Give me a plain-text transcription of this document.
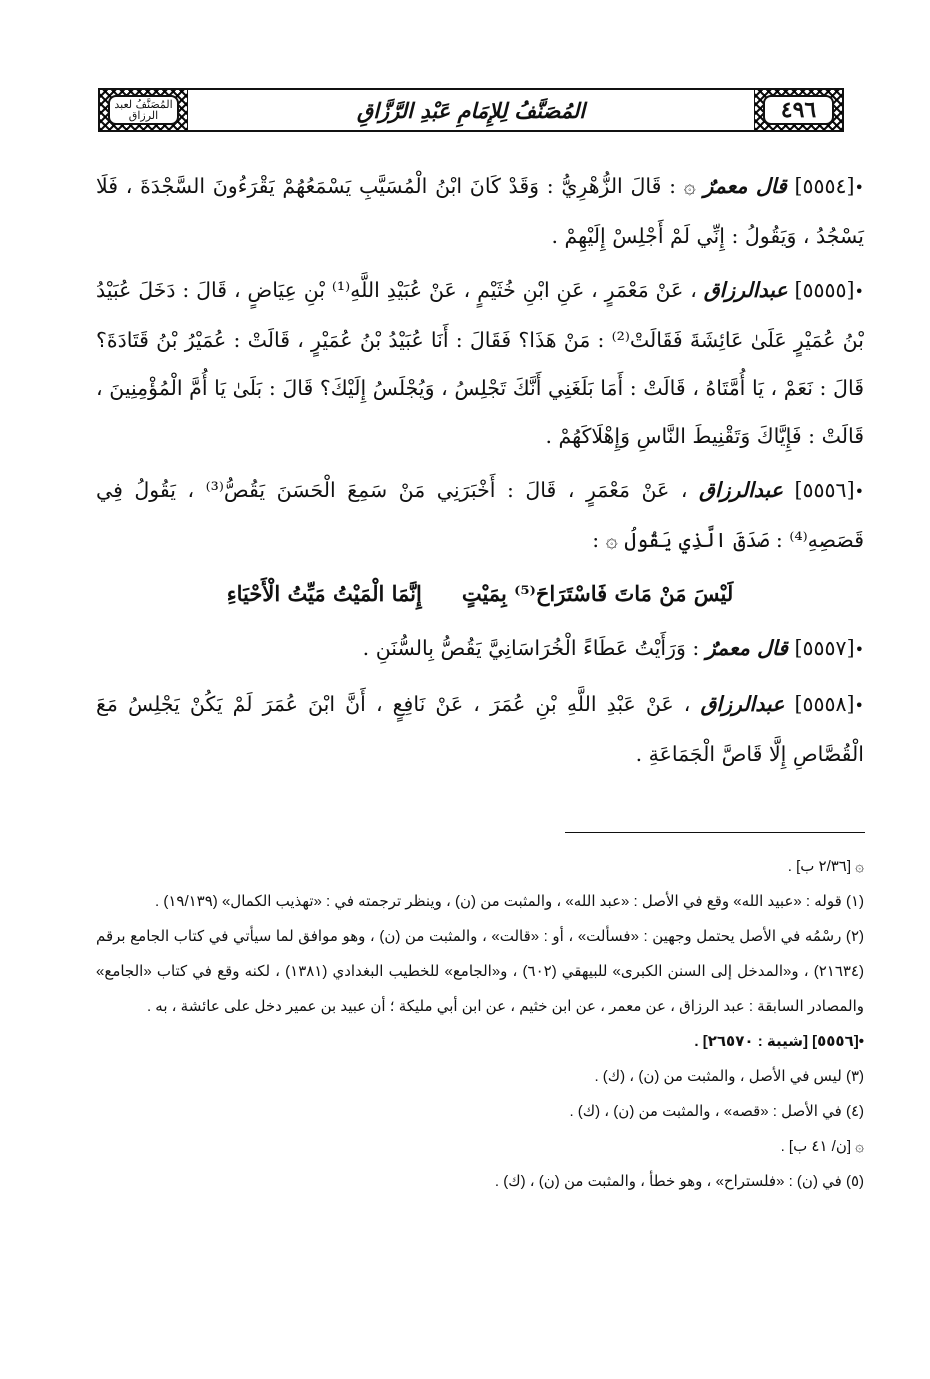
المُصَنَّفُ لعبد الرزاق	المُصَنَّفُ لِلإِمَامِ عَبْدِ الرَّزَّاقِ	٤٩٦

•[٥٥٥٤] قال معمرٌ ۞ : قَالَ الزُّهْرِيُّ : وَقَدْ كَانَ ابْنُ الْمُسَيَّبِ يَسْمَعُهُمْ يَقْرَءُونَ السَّجْدَةَ ، فَلَا يَسْجُدُ ، وَيَقُولُ : إِنِّي لَمْ أَجْلِسْ إِلَيْهِمْ .

•[٥٥٥٥] عبدالرزاق ، عَنْ مَعْمَرٍ ، عَنِ ابْنِ خُثَيْمٍ ، عَنْ عُبَيْدِ اللَّهِ⁽¹⁾ بْنِ عِيَاضٍ ، قَالَ : دَخَلَ عُبَيْدُ بْنُ عُمَيْرٍ عَلَىٰ عَائِشَةَ فَقَالَتْ⁽²⁾ : مَنْ هَذَا؟ فَقَالَ : أَنَا عُبَيْدُ بْنُ عُمَيْرٍ ، قَالَتْ : عُمَيْرُ بْنُ قَتَادَةَ؟ قَالَ : نَعَمْ ، يَا أُمَّتَاهُ ، قَالَتْ : أَمَا بَلَغَنِي أَنَّكَ تَجْلِسُ ، وَيُجْلَسُ إِلَيْكَ؟ قَالَ : بَلَىٰ يَا أُمَّ الْمُؤْمِنِينَ ، قَالَتْ : فَإِيَّاكَ وَتَقْنِيطَ النَّاسِ وَإِهْلَاكَهُمْ .

•[٥٥٥٦] عبدالرزاق ، عَنْ مَعْمَرٍ ، قَالَ : أَخْبَرَنِي مَنْ سَمِعَ الْحَسَنَ يَقُصُّ⁽³⁾ ، يَقُولُ فِي قَصَصِهِ⁽⁴⁾ : صَدَقَ الَّذِي يَقُولُ ۞ :

لَيْسَ مَنْ مَاتَ فَاسْتَرَاحَ⁽⁵⁾ بِمَيْتٍ
إِنَّمَا الْمَيْتُ مَيِّتُ الْأَحْيَاءِ

•[٥٥٥٧] قال معمرٌ : وَرَأَيْتُ عَطَاءً الْخُرَاسَانِيَّ يَقُصُّ بِالسُّنَنِ .

•[٥٥٥٨] عبدالرزاق ، عَنْ عَبْدِ اللَّهِ بْنِ عُمَرَ ، عَنْ نَافِعٍ ، أَنَّ ابْنَ عُمَرَ لَمْ يَكُنْ يَجْلِسُ مَعَ الْقُصَّاصِ إِلَّا قَاصَّ الْجَمَاعَةِ .

۞ [٢/٣٦ ب] .

(١) قوله : «عبيد الله» وقع في الأصل : «عبد الله» ، والمثبت من (ن) ، وينظر ترجمته في : «تهذيب الكمال» (١٩/١٣٩) .

(٢) رسْمُه في الأصل يحتمل وجهين : «فسألت» ، أو : «قالت» ، والمثبت من (ن) ، وهو موافق لما سيأتي في كتاب الجامع برقم (٢١٦٣٤) ، و«المدخل إلى السنن الكبرى» للبيهقي (٦٠٢) ، و«الجامع» للخطيب البغدادي (١٣٨١) ، لكنه وقع في كتاب «الجامع» والمصادر السابقة : عبد الرزاق ، عن معمر ، عن ابن خثيم ، عن ابن أبي مليكة ؛ أن عبيد بن عمير دخل على عائشة ، به .

•[٥٥٥٦] [شيبة : ٢٦٥٧٠] .

(٣) ليس في الأصل ، والمثبت من (ن) ، (ك) .

(٤) في الأصل : «قصه» ، والمثبت من (ن) ، (ك) .

۞ [ن/ ٤١ ب] .

(٥) في (ن) : «فلستراح» ، وهو خطأ ، والمثبت من (ن) ، (ك) .
